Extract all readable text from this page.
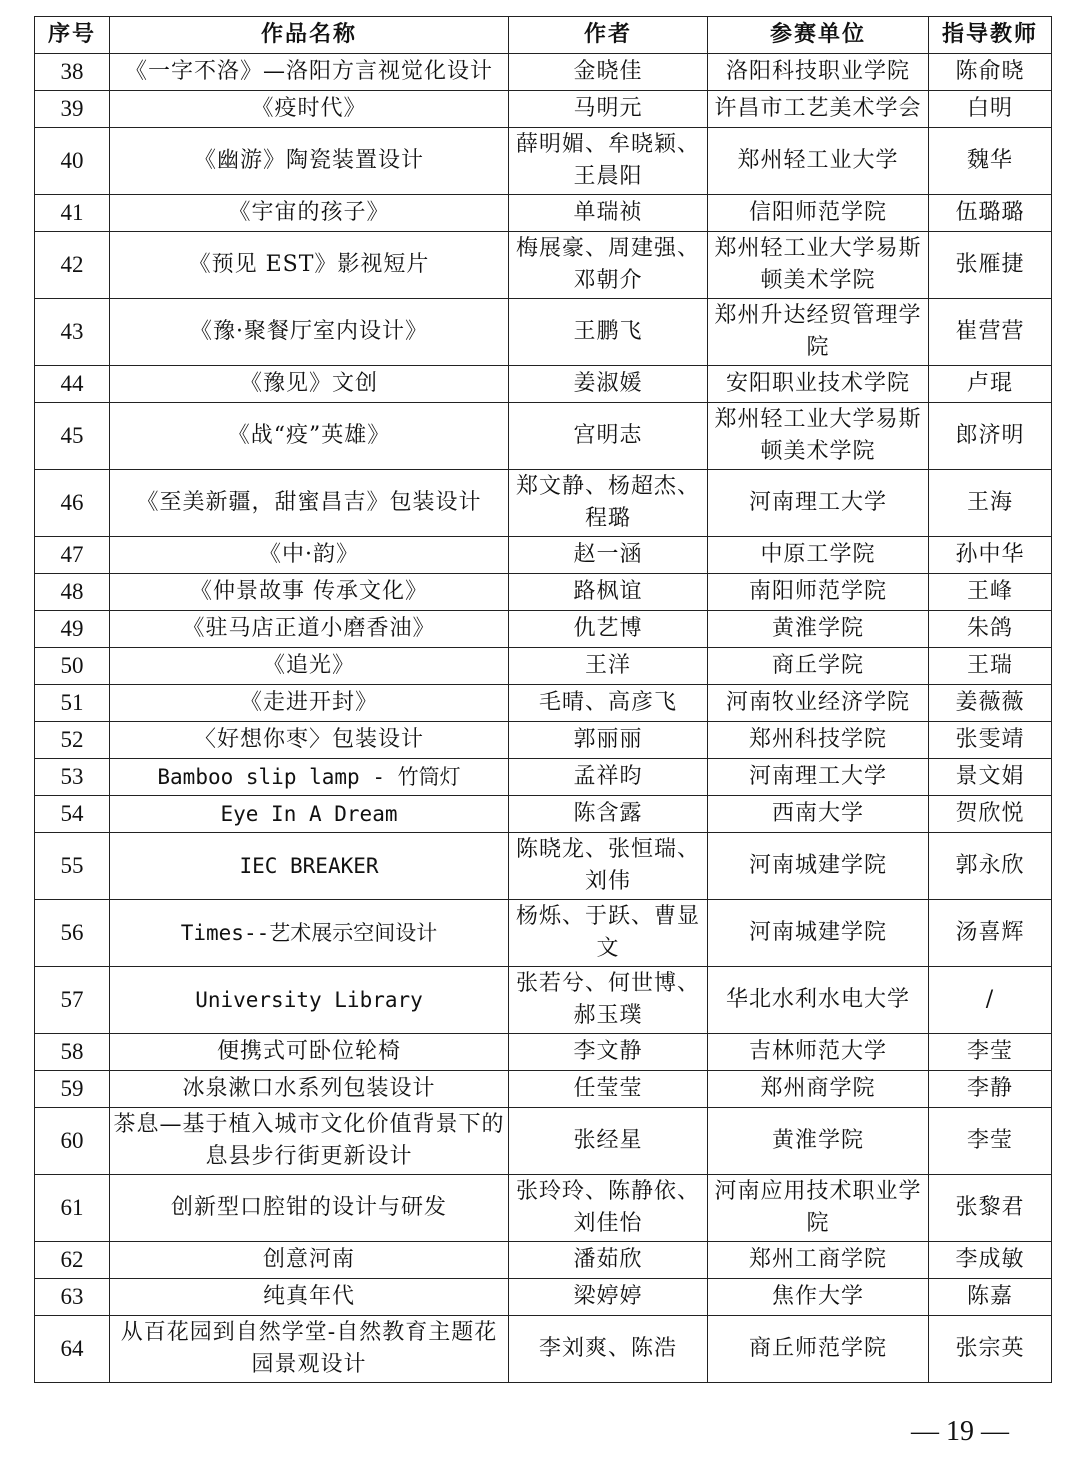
序号	作品名称	作者	参赛单位	指导教师
38	《一字不洛》—洛阳方言视觉化设计	金晓佳	洛阳科技职业学院	陈俞晓
39	《疫时代》	马明元	许昌市工艺美术学会	白明
40	《幽游》陶瓷装置设计	薛明媚、牟晓颖、王晨阳	郑州轻工业大学	魏华
41	《宇宙的孩子》	单瑞祯	信阳师范学院	伍璐璐
42	《预见 EST》影视短片	梅展豪、周建强、邓朝介	郑州轻工业大学易斯顿美术学院	张雁捷
43	《豫·聚餐厅室内设计》	王鹏飞	郑州升达经贸管理学院	崔营营
44	《豫见》文创	姜淑媛	安阳职业技术学院	卢琨
45	《战“疫”英雄》	宫明志	郑州轻工业大学易斯顿美术学院	郎济明
46	《至美新疆，甜蜜昌吉》包装设计	郑文静、杨超杰、程璐	河南理工大学	王海
47	《中·韵》	赵一涵	中原工学院	孙中华
48	《仲景故事 传承文化》	路枫谊	南阳师范学院	王峰
49	《驻马店正道小磨香油》	仇艺博	黄淮学院	朱鸽
50	《追光》	王洋	商丘学院	王瑞
51	《走进开封》	毛晴、高彦飞	河南牧业经济学院	姜薇薇
52	〈好想你枣〉包装设计	郭丽丽	郑州科技学院	张雯靖
53	Bamboo slip lamp - 竹筒灯	孟祥昀	河南理工大学	景文娟
54	Eye In A Dream	陈含露	西南大学	贺欣悦
55	IEC BREAKER	陈晓龙、张恒瑞、刘伟	河南城建学院	郭永欣
56	Times--艺术展示空间设计	杨烁、于跃、曹显文	河南城建学院	汤喜辉
57	University Library	张若兮、何世博、郝玉璞	华北水利水电大学	/
58	便携式可卧位轮椅	李文静	吉林师范大学	李莹
59	冰泉漱口水系列包装设计	任莹莹	郑州商学院	李静
60	茶息—基于植入城市文化价值背景下的息县步行街更新设计	张经星	黄淮学院	李莹
61	创新型口腔钳的设计与研发	张玲玲、陈静依、刘佳怡	河南应用技术职业学院	张黎君
62	创意河南	潘茹欣	郑州工商学院	李成敏
63	纯真年代	梁婷婷	焦作大学	陈嘉
64	从百花园到自然学堂-自然教育主题花园景观设计	李刘爽、陈浩	商丘师范学院	张宗英
— 19 —
